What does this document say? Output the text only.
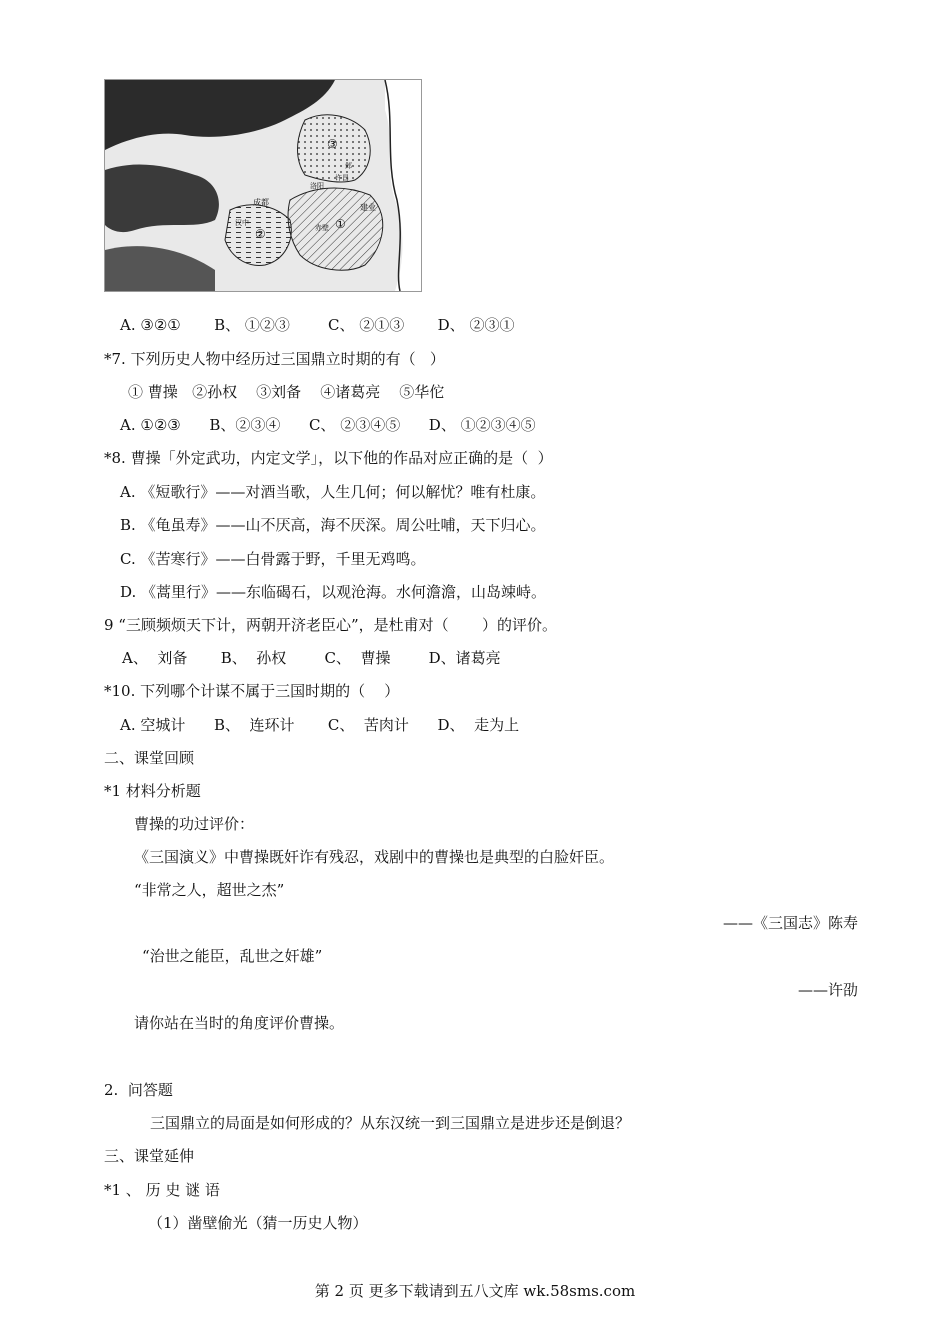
③
②
①
成都
建业
洛阳
许昌
邺
汉中
赤壁
A. ③②①       B、 ①②③        C、 ②①③       D、 ②③①
*7. 下列历史人物中经历过三国鼎立时期的有（   ）
① 曹操   ②孙权    ③刘备    ④诸葛亮    ⑤华佗
A. ①②③      B、②③④      C、 ②③④⑤      D、 ①②③④⑤
*8. 曹操「外定武功，内定文学」，以下他的作品对应正确的是（  ）
A. 《短歌行》——对酒当歌，人生几何；何以解忧？唯有杜康。
B. 《龟虽寿》——山不厌高，海不厌深。周公吐哺，天下归心。
C. 《苦寒行》——白骨露于野，千里无鸡鸣。
D. 《蒿里行》——东临碣石，以观沧海。水何澹澹，山岛竦峙。
9 “三顾频烦天下计，两朝开济老臣心”，是杜甫对（       ）的评价。
A、  刘备       B、  孙权        C、  曹操        D、诸葛亮
*10. 下列哪个计谋不属于三国时期的（    ）
A. 空城计      B、  连环计       C、  苦肉计      D、  走为上
二、课堂回顾
*1 材料分析题
曹操的功过评价：
《三国演义》中曹操既奸诈有残忍，戏剧中的曹操也是典型的白脸奸臣。
“非常之人，超世之杰”
——《三国志》陈寿
“治世之能臣，乱世之奸雄”
——许劭
请你站在当时的角度评价曹操。
2.  问答题
三国鼎立的局面是如何形成的？从东汉统一到三国鼎立是进步还是倒退？
三、课堂延伸
*1 、 历 史 谜 语
（1）凿壁偷光（猜一历史人物）
第 2 页 更多下载请到五八文库 wk.58sms.com
